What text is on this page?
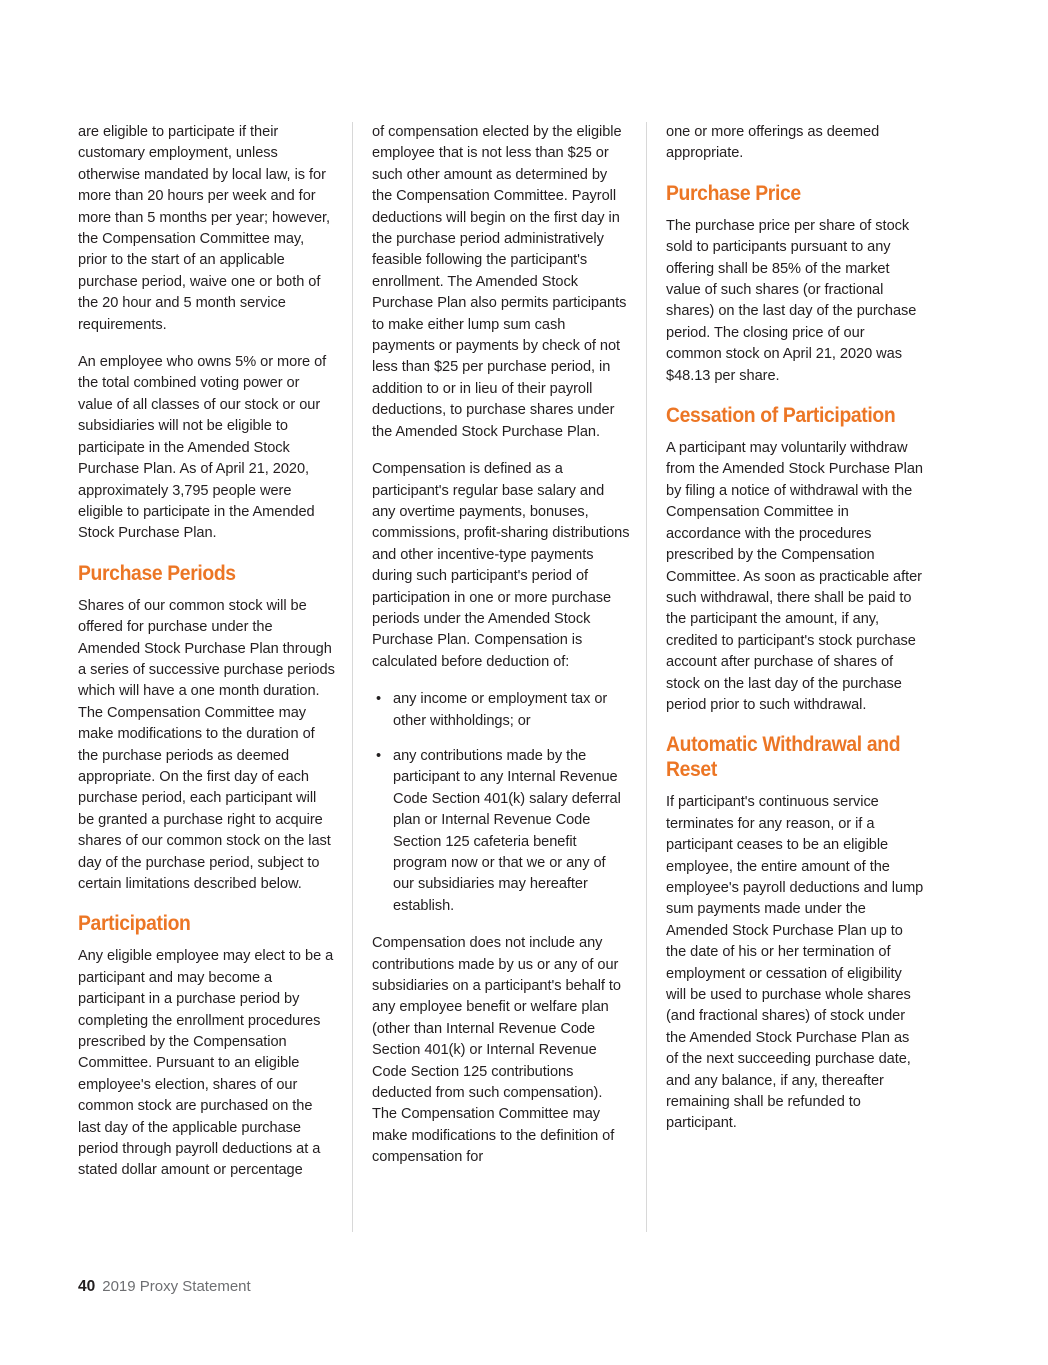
are eligible to participate if their customary employment, unless otherwise mandated by local law, is for more than 20 hours per week and for more than 5 months per year; however, the Compensation Committee may, prior to the start of an applicable purchase period, waive one or both of the 20 hour and 5 month service requirements.

An employee who owns 5% or more of the total combined voting power or value of all classes of our stock or our subsidiaries will not be eligible to participate in the Amended Stock Purchase Plan. As of April 21, 2020, approximately 3,795 people were eligible to participate in the Amended Stock Purchase Plan.

Purchase Periods

Shares of our common stock will be offered for purchase under the Amended Stock Purchase Plan through a series of successive purchase periods which will have a one month duration. The Compensation Committee may make modifications to the duration of the purchase periods as deemed appropriate. On the first day of each purchase period, each participant will be granted a purchase right to acquire shares of our common stock on the last day of the purchase period, subject to certain limitations described below.

Participation

Any eligible employee may elect to be a participant and may become a participant in a purchase period by completing the enrollment procedures prescribed by the Compensation Committee. Pursuant to an eligible employee's election, shares of our common stock are purchased on the last day of the applicable purchase period through payroll deductions at a stated dollar amount or percentage

of compensation elected by the eligible employee that is not less than $25 or such other amount as determined by the Compensation Committee. Payroll deductions will begin on the first day in the purchase period administratively feasible following the participant's enrollment. The Amended Stock Purchase Plan also permits participants to make either lump sum cash payments or payments by check of not less than $25 per purchase period, in addition to or in lieu of their payroll deductions, to purchase shares under the Amended Stock Purchase Plan.

Compensation is defined as a participant's regular base salary and any overtime payments, bonuses, commissions, profit-sharing distributions and other incentive-type payments during such participant's period of participation in one or more purchase periods under the Amended Stock Purchase Plan. Compensation is calculated before deduction of:

• any income or employment tax or other withholdings; or
• any contributions made by the participant to any Internal Revenue Code Section 401(k) salary deferral plan or Internal Revenue Code Section 125 cafeteria benefit program now or that we or any of our subsidiaries may hereafter establish.

Compensation does not include any contributions made by us or any of our subsidiaries on a participant's behalf to any employee benefit or welfare plan (other than Internal Revenue Code Section 401(k) or Internal Revenue Code Section 125 contributions deducted from such compensation). The Compensation Committee may make modifications to the definition of compensation for

one or more offerings as deemed appropriate.

Purchase Price

The purchase price per share of stock sold to participants pursuant to any offering shall be 85% of the market value of such shares (or fractional shares) on the last day of the purchase period. The closing price of our common stock on April 21, 2020 was $48.13 per share.

Cessation of Participation

A participant may voluntarily withdraw from the Amended Stock Purchase Plan by filing a notice of withdrawal with the Compensation Committee in accordance with the procedures prescribed by the Compensation Committee. As soon as practicable after such withdrawal, there shall be paid to the participant the amount, if any, credited to participant's stock purchase account after purchase of shares of stock on the last day of the purchase period prior to such withdrawal.

Automatic Withdrawal and Reset

If participant's continuous service terminates for any reason, or if a participant ceases to be an eligible employee, the entire amount of the employee's payroll deductions and lump sum payments made under the Amended Stock Purchase Plan up to the date of his or her termination of employment or cessation of eligibility will be used to purchase whole shares (and fractional shares) of stock under the Amended Stock Purchase Plan as of the next succeeding purchase date, and any balance, if any, thereafter remaining shall be refunded to participant.

40 2019 Proxy Statement
